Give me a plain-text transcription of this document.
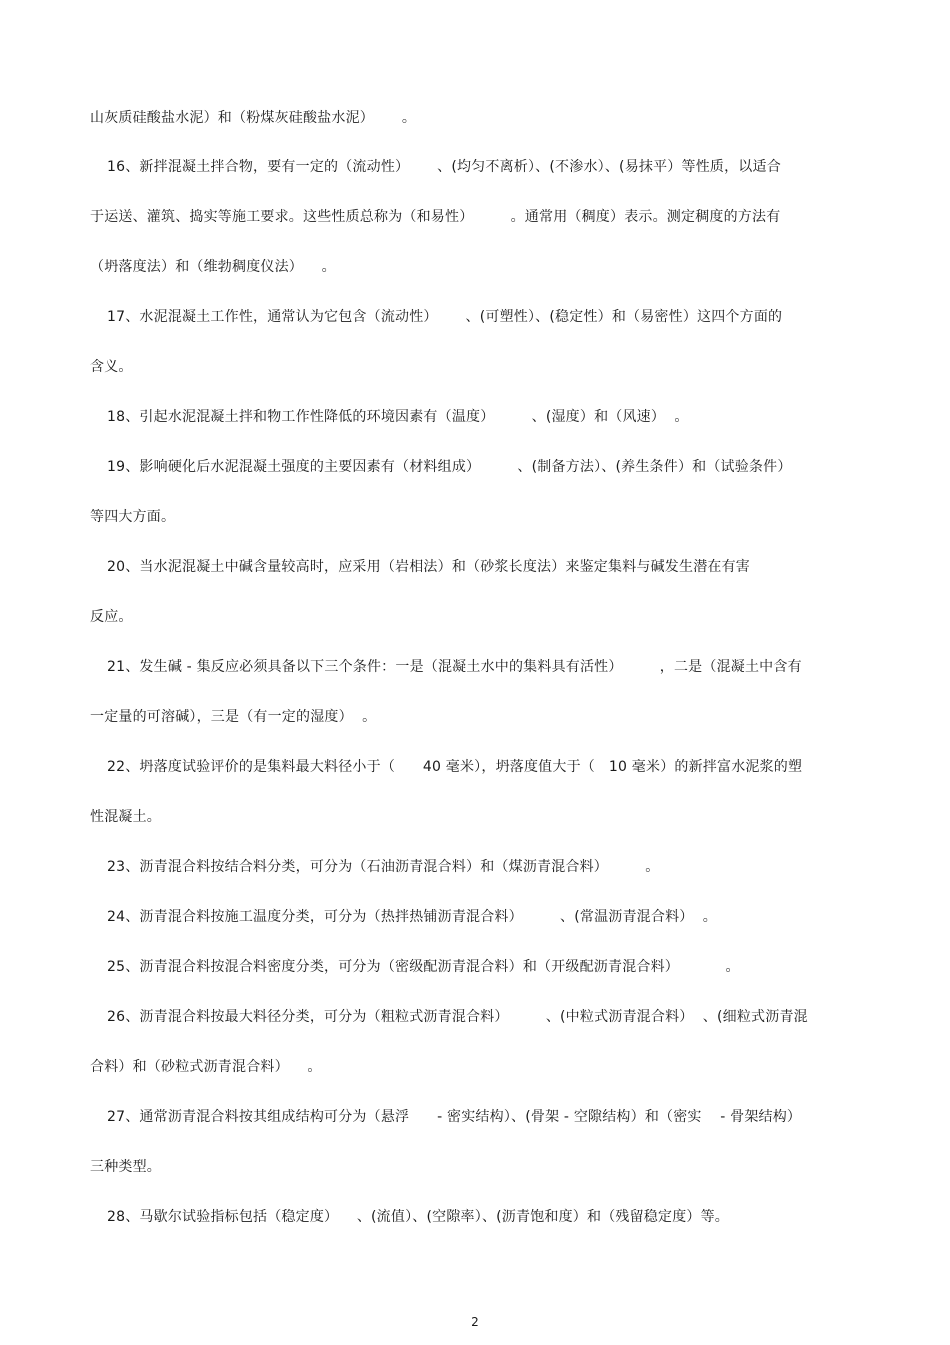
山灰质硅酸盐水泥）和（粉煤灰硅酸盐水泥）      。
16、新拌混凝土拌合物，要有一定的（流动性）      、(均匀不离析）、(不渗水）、(易抹平）等性质，以适合
于运送、灌筑、捣实等施工要求。这些性质总称为（和易性）        。通常用（稠度）表示。测定稠度的方法有
（坍落度法）和（维勃稠度仪法）    。
17、水泥混凝土工作性，通常认为它包含（流动性）      、(可塑性）、(稳定性）和（易密性）这四个方面的
含义。
18、引起水泥混凝土拌和物工作性降低的环境因素有（温度）        、(湿度）和（风速）  。
19、影响硬化后水泥混凝土强度的主要因素有（材料组成）        、(制备方法）、(养生条件）和（试验条件）
等四大方面。
20、当水泥混凝土中碱含量较高时，应采用（岩相法）和（砂浆长度法）来鉴定集料与碱发生潜在有害
反应。
21、发生碱 - 集反应必须具备以下三个条件：一是（混凝土水中的集料具有活性）        ，二是（混凝土中含有
一定量的可溶碱），三是（有一定的湿度）  。
22、坍落度试验评价的是集料最大料径小于（      40 毫米），坍落度值大于（   10 毫米）的新拌富水泥浆的塑
性混凝土。
23、沥青混合料按结合料分类，可分为（石油沥青混合料）和（煤沥青混合料）        。
24、沥青混合料按施工温度分类，可分为（热拌热铺沥青混合料）        、(常温沥青混合料）  。
25、沥青混合料按混合料密度分类，可分为（密级配沥青混合料）和（开级配沥青混合料）          。
26、沥青混合料按最大料径分类，可分为（粗粒式沥青混合料）        、(中粒式沥青混合料）  、(细粒式沥青混
合料）和（砂粒式沥青混合料）    。
27、通常沥青混合料按其组成结构可分为（悬浮      - 密实结构）、(骨架 - 空隙结构）和（密实    - 骨架结构）
三种类型。
28、马歇尔试验指标包括（稳定度）    、(流值）、(空隙率）、(沥青饱和度）和（残留稳定度）等。
2
